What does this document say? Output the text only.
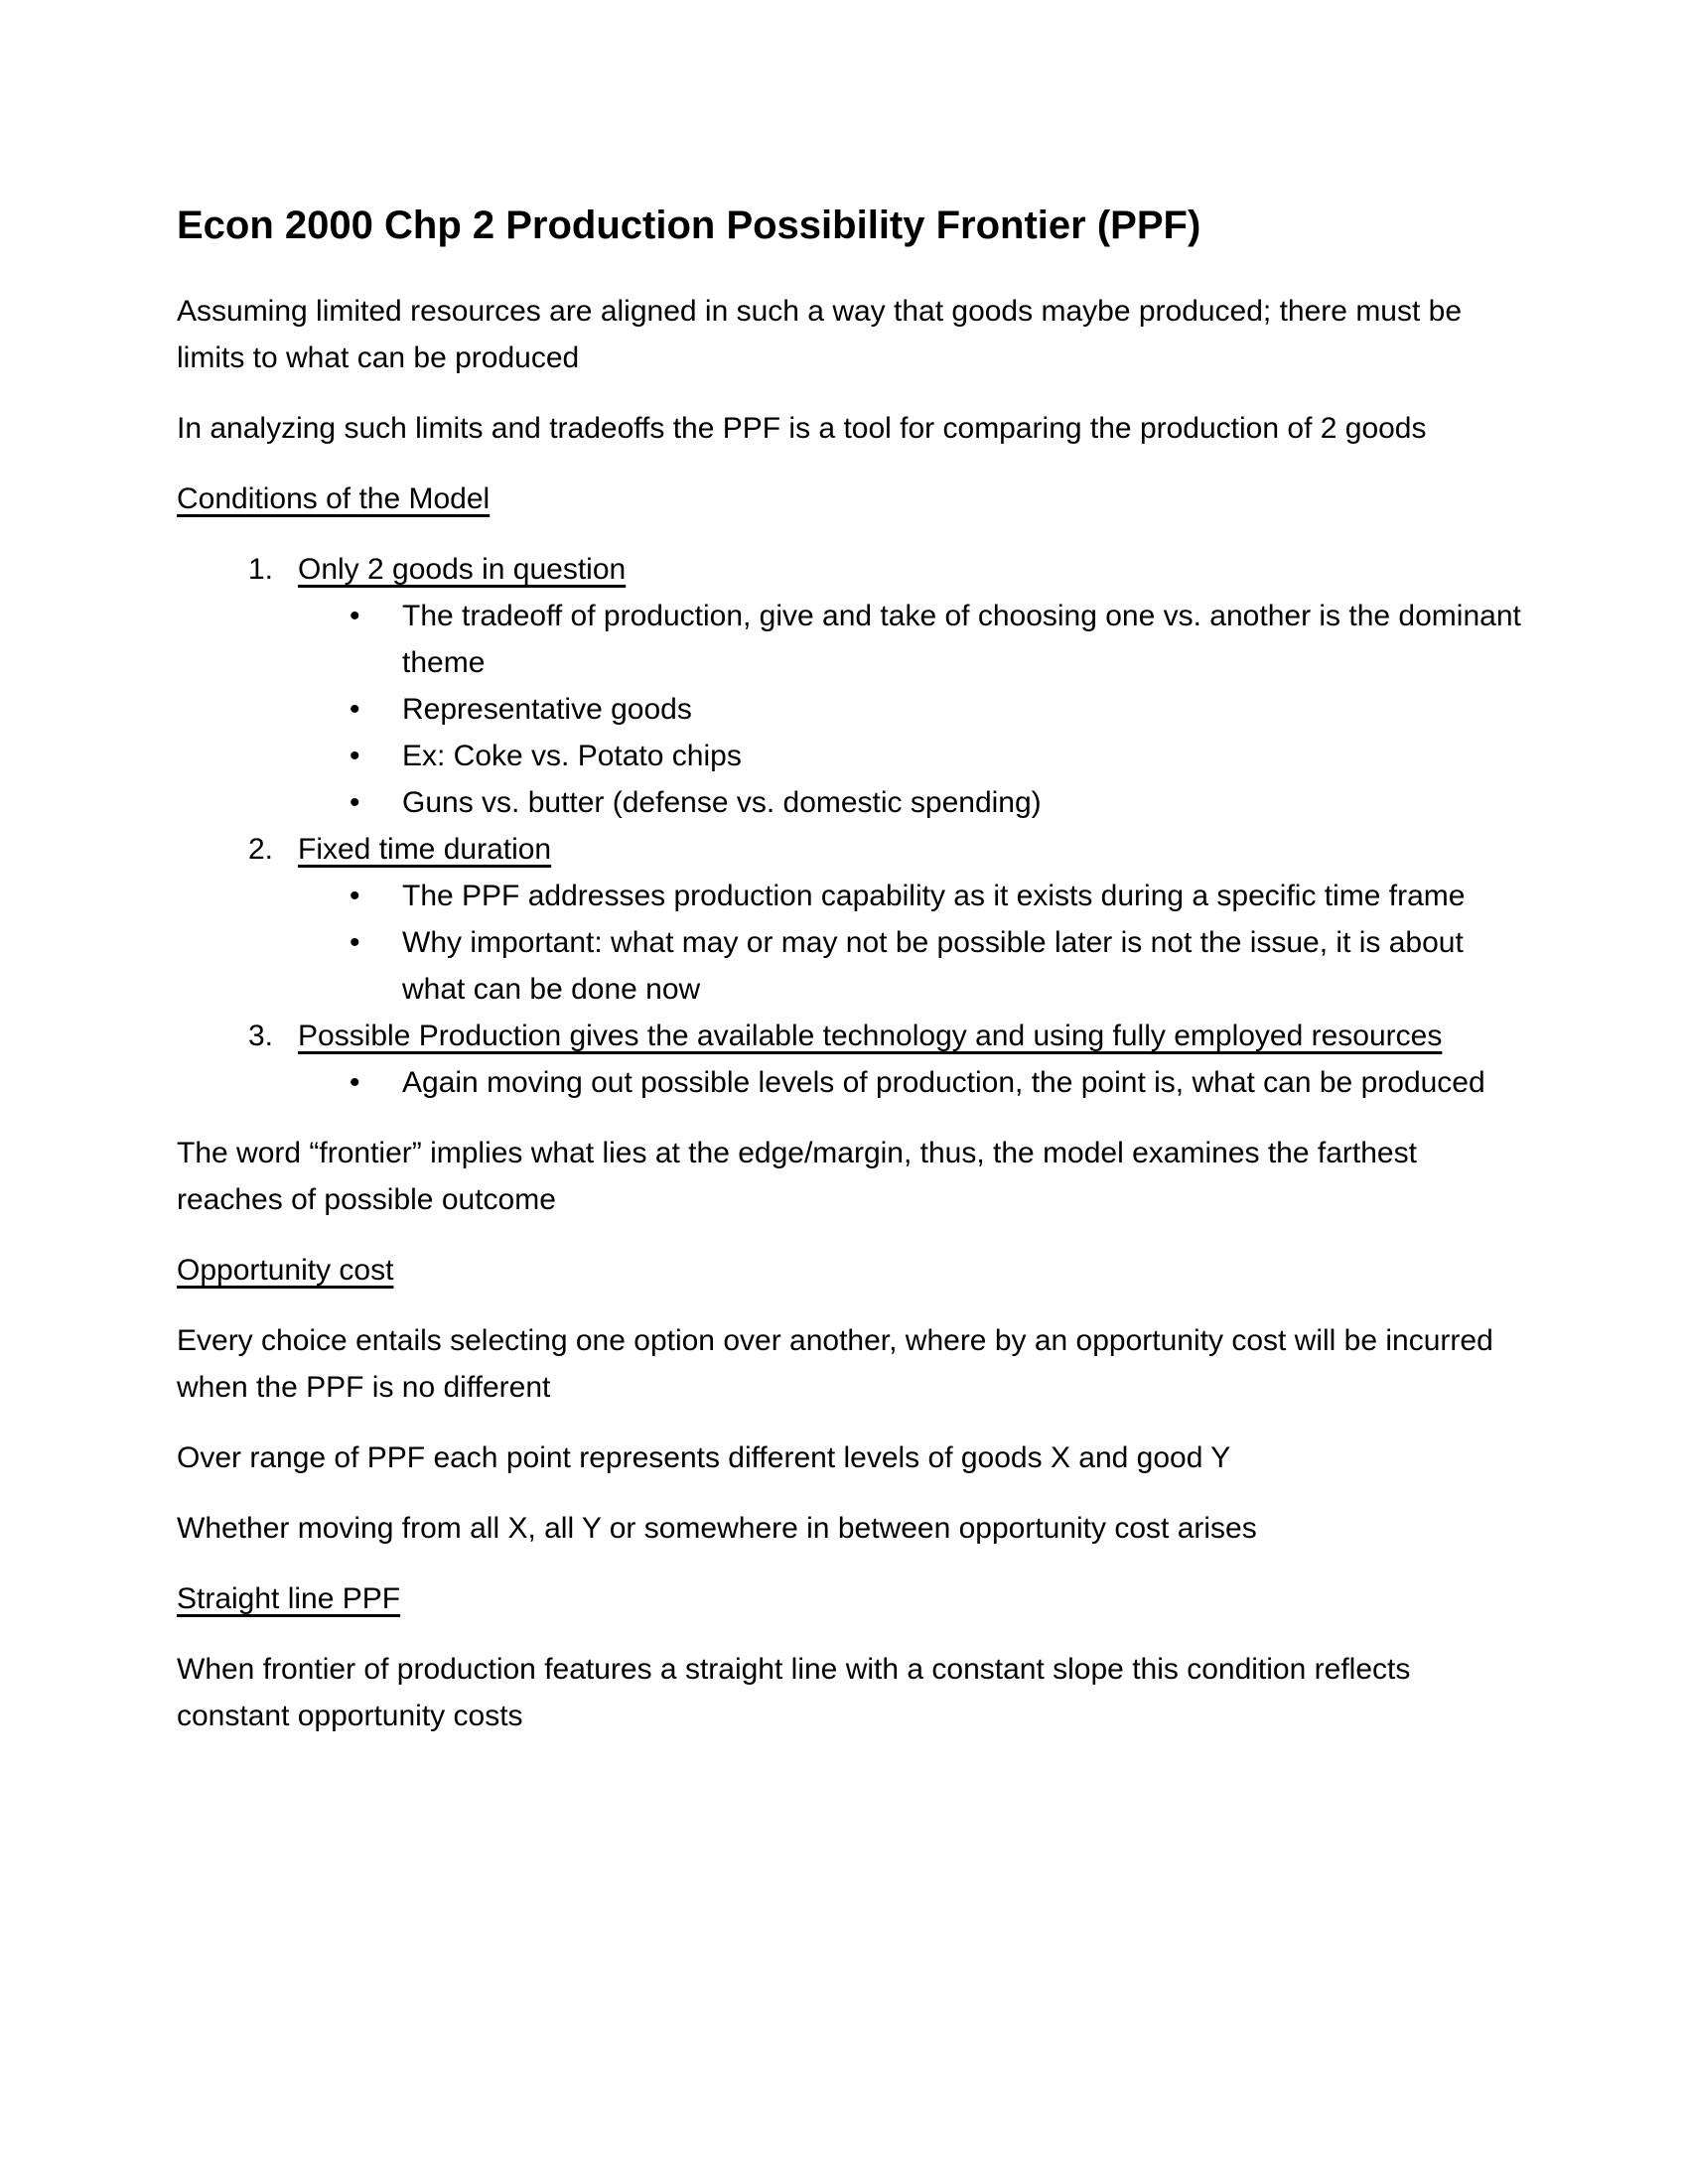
Econ 2000 Chp 2 Production Possibility Frontier (PPF)

Assuming limited resources are aligned in such a way that goods maybe produced; there must be limits to what can be produced

In analyzing such limits and tradeoffs the PPF is a tool for comparing the production of 2 goods

Conditions of the Model
1. Only 2 goods in question
•	The tradeoff of production, give and take of choosing one vs. another is the dominant theme
•	Representative goods
•	Ex: Coke vs. Potato chips
•	Guns vs. butter (defense vs. domestic spending)
2. Fixed time duration
•	The PPF addresses production capability as it exists during a specific time frame
•	Why important: what may or may not be possible later is not the issue, it is about what can be done now
3. Possible Production gives the available technology and using fully employed resources
•	Again moving out possible levels of production, the point is, what can be produced

The word “frontier” implies what lies at the edge/margin, thus, the model examines the farthest reaches of possible outcome

Opportunity cost

Every choice entails selecting one option over another, where by an opportunity cost will be incurred when the PPF is no different

Over range of PPF each point represents different levels of goods X and good Y

Whether moving from all X, all Y or somewhere in between opportunity cost arises

Straight line PPF

When frontier of production features a straight line with a constant slope this condition reflects constant opportunity costs
